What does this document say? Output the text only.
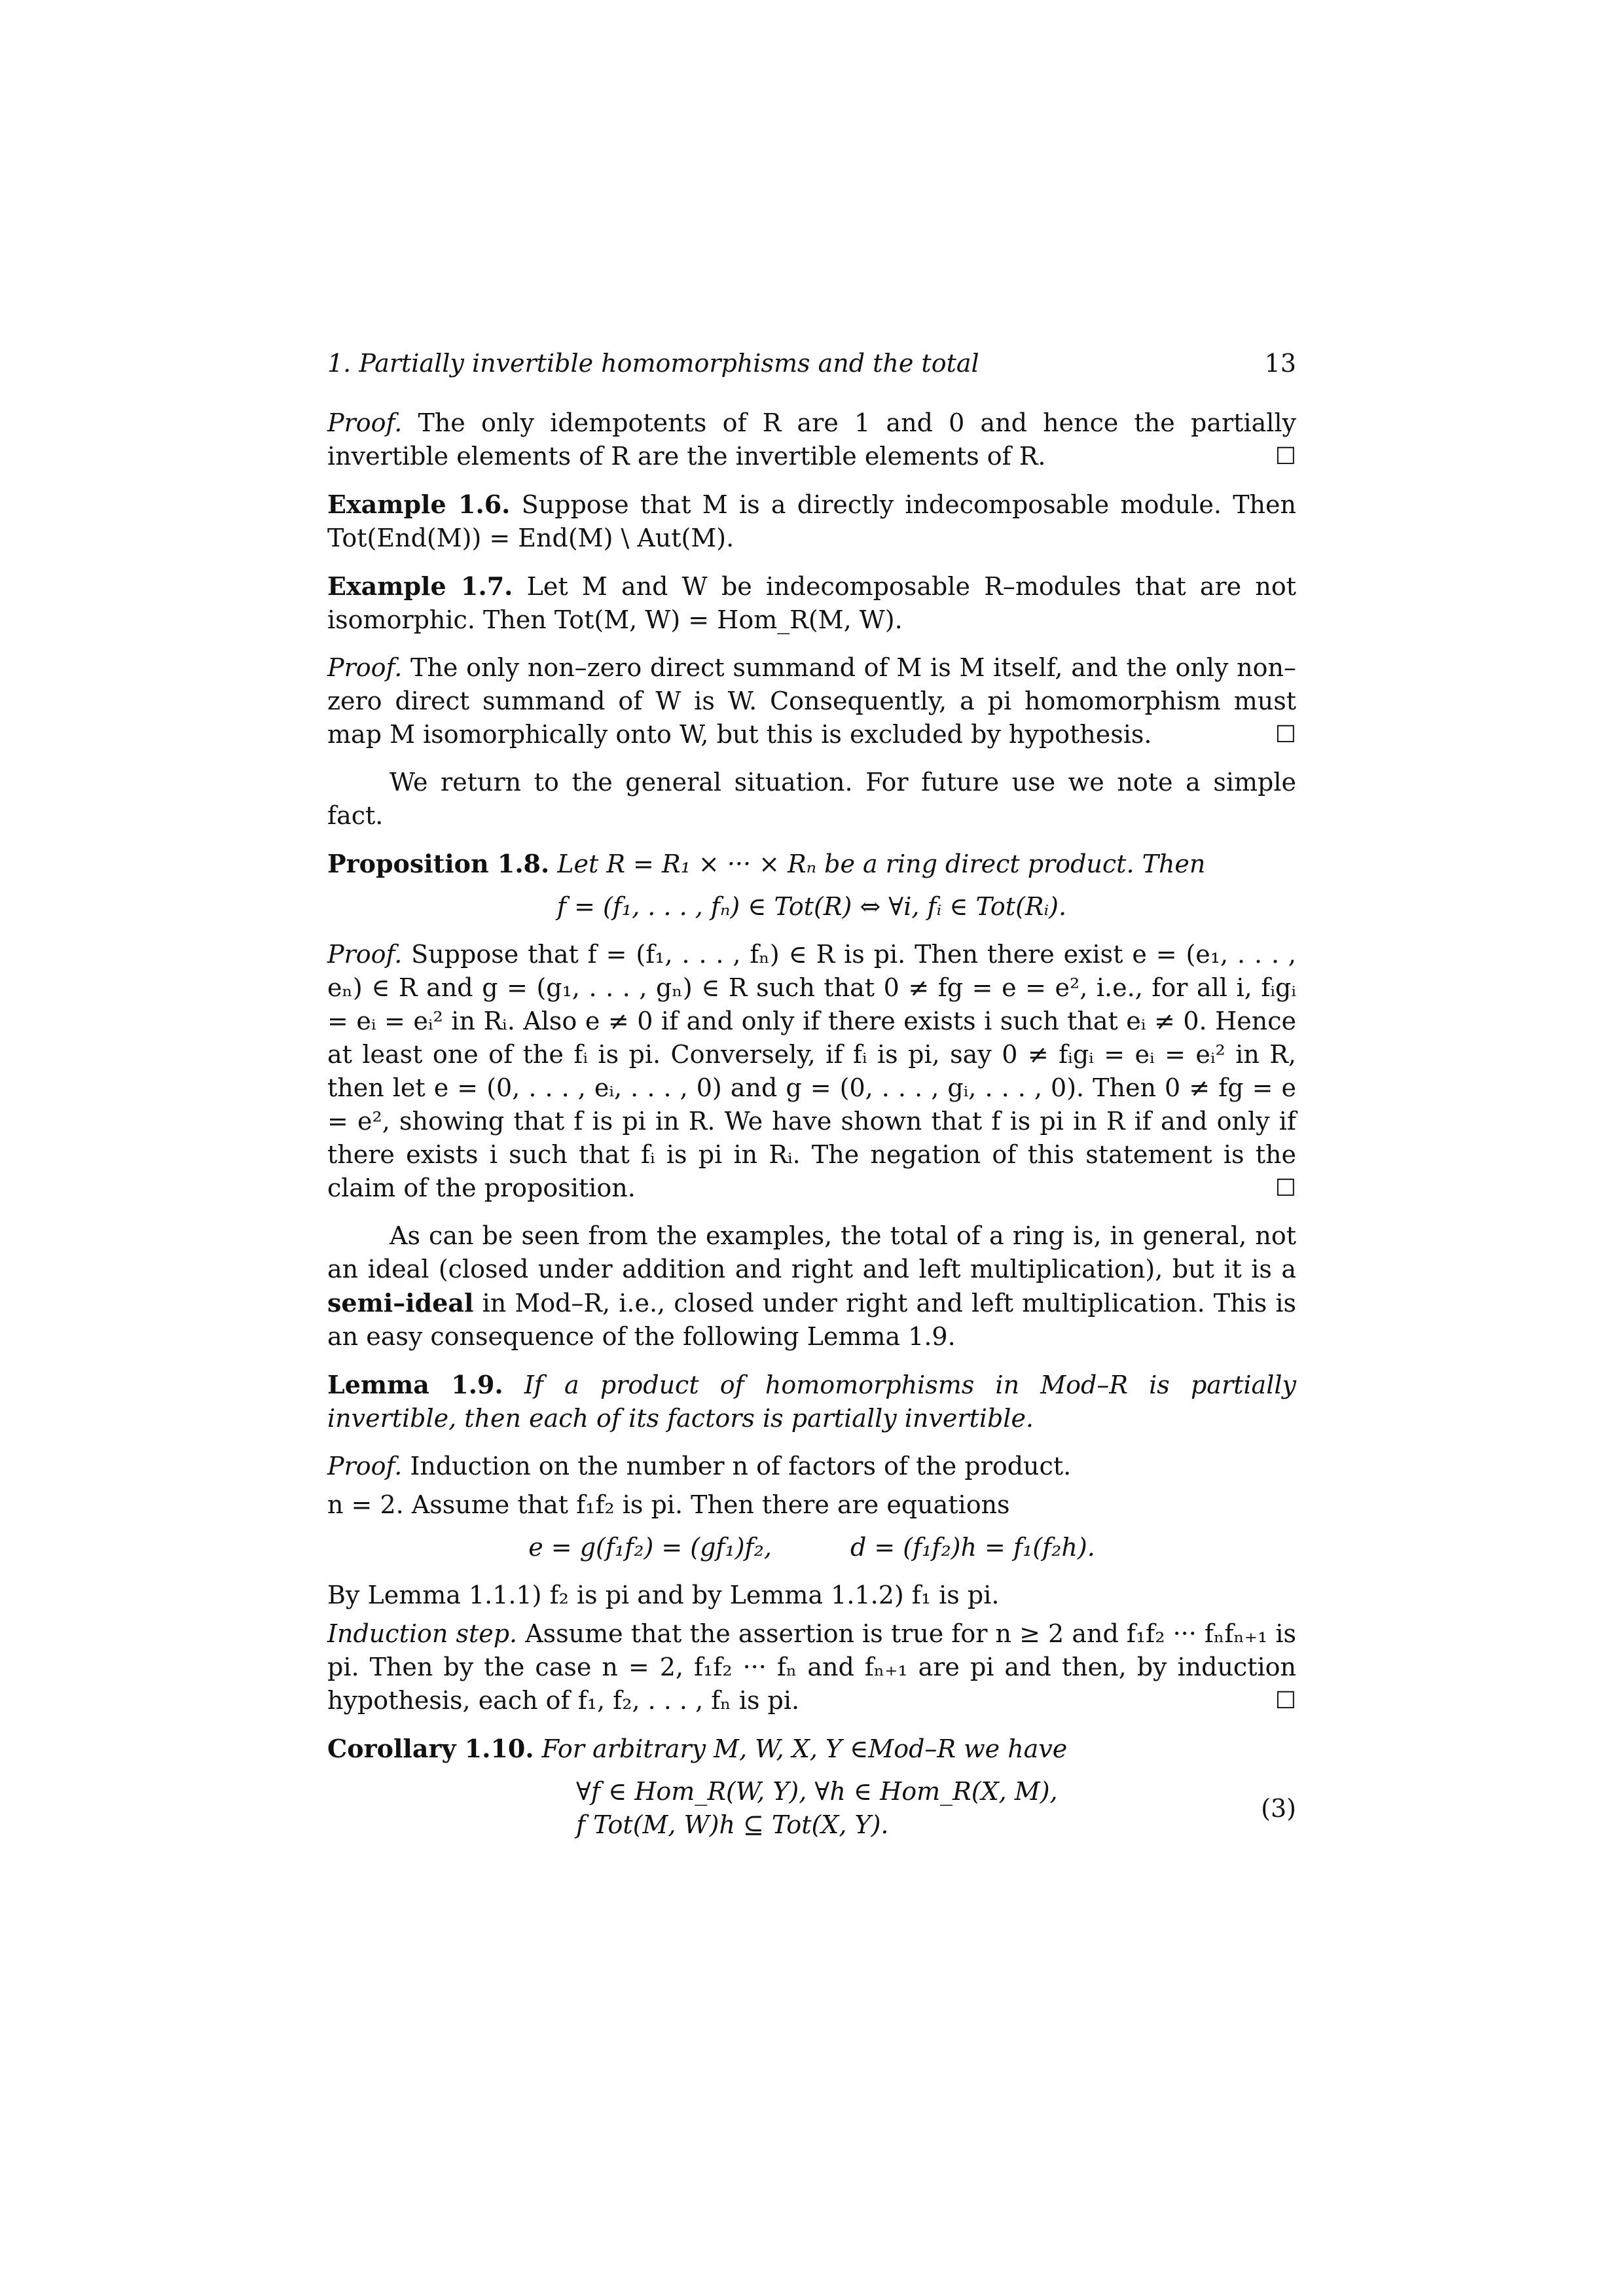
1. Partially invertible homomorphisms and the total	13

Proof. The only idempotents of R are 1 and 0 and hence the partially invertible elements of R are the invertible elements of R.	☐

Example 1.6. Suppose that M is a directly indecomposable module. Then Tot(End(M)) = End(M) \ Aut(M).

Example 1.7. Let M and W be indecomposable R–modules that are not isomorphic. Then Tot(M, W) = Hom_R(M, W).

Proof. The only non–zero direct summand of M is M itself, and the only non–zero direct summand of W is W. Consequently, a pi homomorphism must map M isomorphically onto W, but this is excluded by hypothesis.	☐

We return to the general situation. For future use we note a simple fact.

Proposition 1.8. Let R = R₁ × ··· × Rₙ be a ring direct product. Then

f = (f₁, . . . , fₙ) ∈ Tot(R) ⇔ ∀i, fᵢ ∈ Tot(Rᵢ).

Proof. Suppose that f = (f₁, . . . , fₙ) ∈ R is pi. Then there exist e = (e₁, . . . , eₙ) ∈ R and g = (g₁, . . . , gₙ) ∈ R such that 0 ≠ fg = e = e², i.e., for all i, fᵢgᵢ = eᵢ = eᵢ² in Rᵢ. Also e ≠ 0 if and only if there exists i such that eᵢ ≠ 0. Hence at least one of the fᵢ is pi. Conversely, if fᵢ is pi, say 0 ≠ fᵢgᵢ = eᵢ = eᵢ² in R, then let e = (0, . . . , eᵢ, . . . , 0) and g = (0, . . . , gᵢ, . . . , 0). Then 0 ≠ fg = e = e², showing that f is pi in R. We have shown that f is pi in R if and only if there exists i such that fᵢ is pi in Rᵢ. The negation of this statement is the claim of the proposition.	☐

As can be seen from the examples, the total of a ring is, in general, not an ideal (closed under addition and right and left multiplication), but it is a semi–ideal in Mod–R, i.e., closed under right and left multiplication. This is an easy consequence of the following Lemma 1.9.

Lemma 1.9. If a product of homomorphisms in Mod–R is partially invertible, then each of its factors is partially invertible.

Proof. Induction on the number n of factors of the product.

n = 2. Assume that f₁f₂ is pi. Then there are equations

e = g(f₁f₂) = (gf₁)f₂,	d = (f₁f₂)h = f₁(f₂h).

By Lemma 1.1.1) f₂ is pi and by Lemma 1.1.2) f₁ is pi.

Induction step. Assume that the assertion is true for n ≥ 2 and f₁f₂ ··· fₙfₙ₊₁ is pi. Then by the case n = 2, f₁f₂ ··· fₙ and fₙ₊₁ are pi and then, by induction hypothesis, each of f₁, f₂, . . . , fₙ is pi.	☐

Corollary 1.10. For arbitrary M, W, X, Y ∈Mod–R we have

∀f ∈ Hom_R(W, Y), ∀h ∈ Hom_R(X, M),
f Tot(M, W)h ⊆ Tot(X, Y).
(3)
